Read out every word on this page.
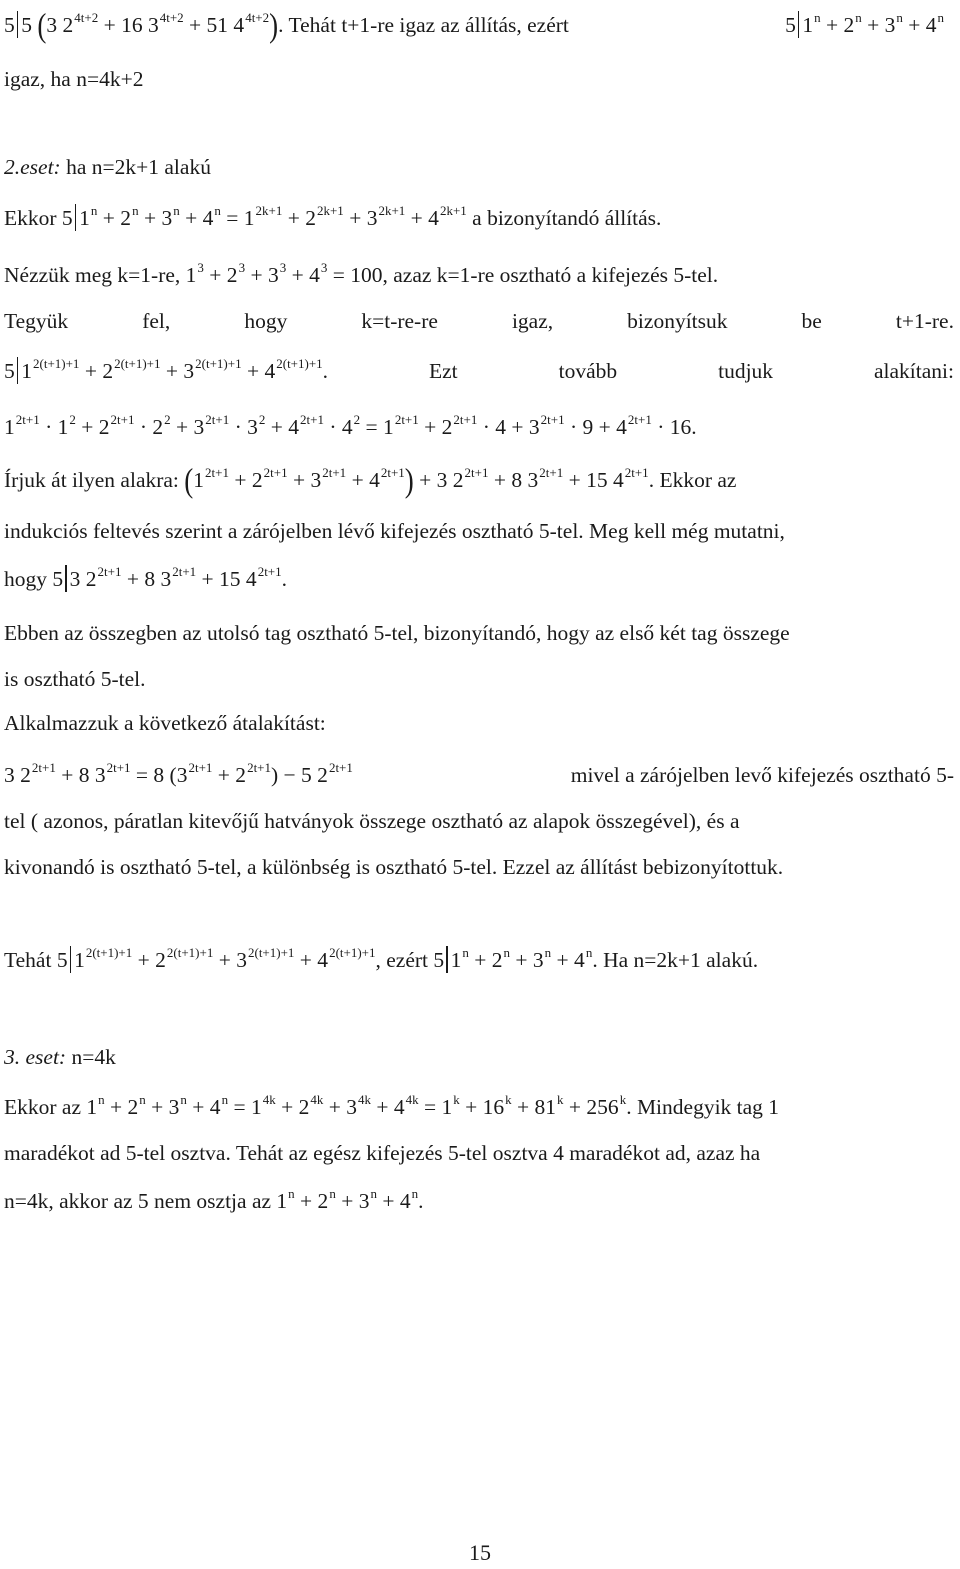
5 5 (3 $2^{4t+2} + 16$ $3^{4t+2} + 51$ $4^{4t+2}$). Tehát t+1-re igaz az állítás, ezért	5 $1^n + 2^n + 3^n + 4^n$
igaz, ha n=4k+2
2.eset: ha n=2k+1 alakú
Ekkor 5 $1^n + 2^n + 3^n + 4^n = 1^{2k+1} + 2^{2k+1} + 3^{2k+1} + 4^{2k+1}$ a bizonyítandó állítás.
Nézzük meg k=1-re, $1^3 + 2^3 + 3^3 + 4^3 = 100$, azaz k=1-re osztható a kifejezés 5-tel.
Tegyük	fel,	hogy	k=t-re-re	igaz,	bizonyítsuk	be	t+1-re.
5 $1^{2(t+1)+1} + 2^{2(t+1)+1} + 3^{2(t+1)+1} + 4^{2(t+1)+1}$.	Ezt	tovább	tudjuk	alakítani:
$1^{2t+1} \cdot 1^2 + 2^{2t+1} \cdot 2^2 + 3^{2t+1} \cdot 3^2 + 4^{2t+1} \cdot 4^2 = 1^{2t+1} + 2^{2t+1} \cdot 4 + 3^{2t+1} \cdot 9 + 4^{2t+1} \cdot 16$.
Írjuk át ilyen alakra: $(1^{2t+1} + 2^{2t+1} + 3^{2t+1} + 4^{2t+1}) + 3$ $2^{2t+1} + 8$ $3^{2t+1} + 15$ $4^{2t+1}$. Ekkor az
indukciós feltevés szerint a zárójelben lévő kifejezés osztható 5-tel. Meg kell még mutatni,
hogy 5 3 $2^{2t+1} + 8$ $3^{2t+1} + 15$ $4^{2t+1}$.
Ebben az összegben az utolsó tag osztható 5-tel, bizonyítandó, hogy az első két tag összege
is osztható 5-tel.
Alkalmazzuk a következő átalakítást:
3 $2^{2t+1} + 8$ $3^{2t+1} = 8$ $(3^{2t+1} + 2^{2t+1}) - 5$ $2^{2t+1}$	mivel a zárójelben levő kifejezés osztható 5-
tel ( azonos, páratlan kitevőjű hatványok összege osztható az alapok összegével), és a
kivonandó is osztható 5-tel, a különbség is osztható 5-tel. Ezzel az állítást bebizonyítottuk.
Tehát 5 $1^{2(t+1)+1} + 2^{2(t+1)+1} + 3^{2(t+1)+1} + 4^{2(t+1)+1}$, ezért 5 $1^n + 2^n + 3^n + 4^n$. Ha n=2k+1 alakú.
3. eset: n=4k
Ekkor az $1^n + 2^n + 3^n + 4^n = 1^{4k} + 2^{4k} + 3^{4k} + 4^{4k} = 1^k + 16^k + 81^k + 256^k$. Mindegyik tag 1
maradékot ad 5-tel osztva. Tehát az egész kifejezés 5-tel osztva 4 maradékot ad, azaz ha
n=4k, akkor az 5 nem osztja az $1^n + 2^n + 3^n + 4^n$.
15
